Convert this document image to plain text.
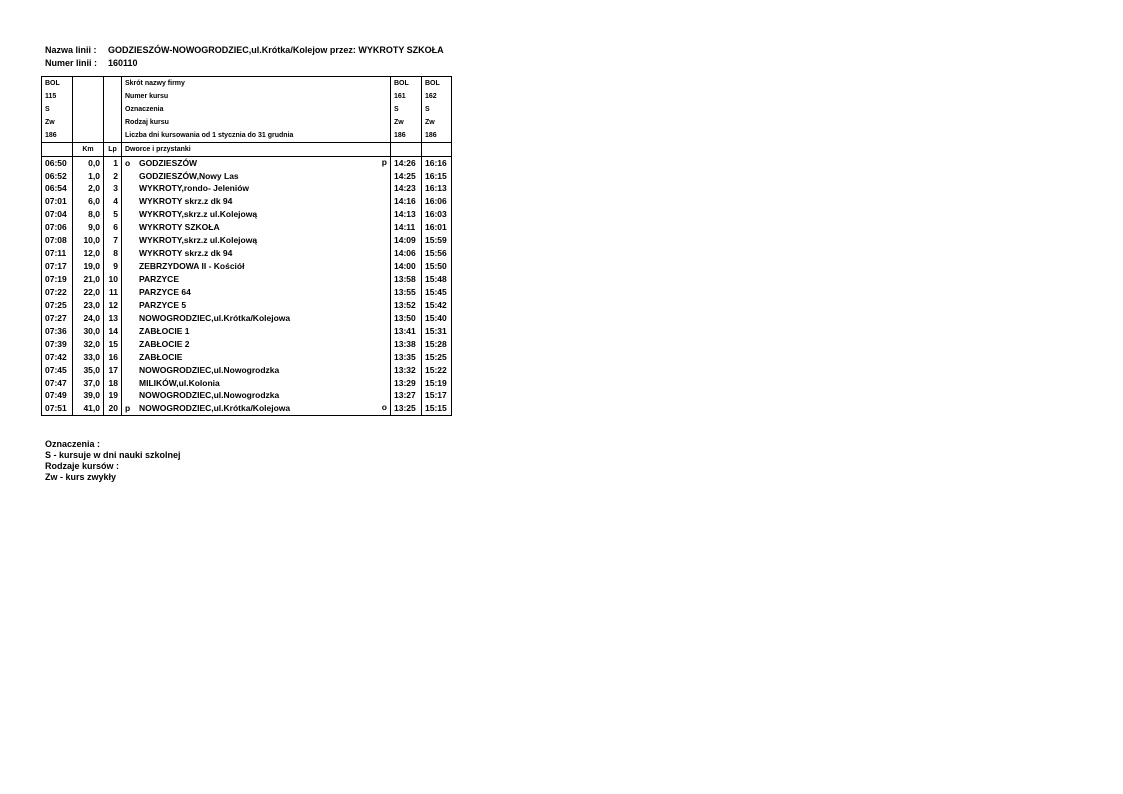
Nazwa linii : GODZIESZÓW-NOWOGRODZIEC,ul.Krótka/Kolejow przez: WYKROTY SZKOŁA
Numer linii : 160110
BOL			Skrót nazwy firmy	BOL	BOL
115			Numer kursu	161	162
S			Oznaczenia	S	S
Zw			Rodzaj kursu	Zw	Zw
186			Liczba dni kursowania od 1 stycznia do 31 grudnia	186	186
	Km	Lp	Dworce i przystanki		
06:50	0,0	1	o GODZIESZÓW p	14:26	16:16
06:52	1,0	2	GODZIESZÓW,Nowy Las	14:25	16:15
06:54	2,0	3	WYKROTY,rondo- Jeleniów	14:23	16:13
07:01	6,0	4	WYKROTY skrz.z dk 94	14:16	16:06
07:04	8,0	5	WYKROTY,skrz.z ul.Kolejową	14:13	16:03
07:06	9,0	6	WYKROTY SZKOŁA	14:11	16:01
07:08	10,0	7	WYKROTY,skrz.z ul.Kolejową	14:09	15:59
07:11	12,0	8	WYKROTY skrz.z dk 94	14:06	15:56
07:17	19,0	9	ZEBRZYDOWA II - Kościół	14:00	15:50
07:19	21,0	10	PARZYCE	13:58	15:48
07:22	22,0	11	PARZYCE 64	13:55	15:45
07:25	23,0	12	PARZYCE 5	13:52	15:42
07:27	24,0	13	NOWOGRODZIEC,ul.Krótka/Kolejowa	13:50	15:40
07:36	30,0	14	ZABŁOCIE 1	13:41	15:31
07:39	32,0	15	ZABŁOCIE 2	13:38	15:28
07:42	33,0	16	ZABŁOCIE	13:35	15:25
07:45	35,0	17	NOWOGRODZIEC,ul.Nowogrodzka	13:32	15:22
07:47	37,0	18	MILIKÓW,ul.Kolonia	13:29	15:19
07:49	39,0	19	NOWOGRODZIEC,ul.Nowogrodzka	13:27	15:17
07:51	41,0	20	p NOWOGRODZIEC,ul.Krótka/Kolejowa o	13:25	15:15
Oznaczenia :
S - kursuje w dni nauki szkolnej
Rodzaje kursów :
Zw - kurs zwykły
